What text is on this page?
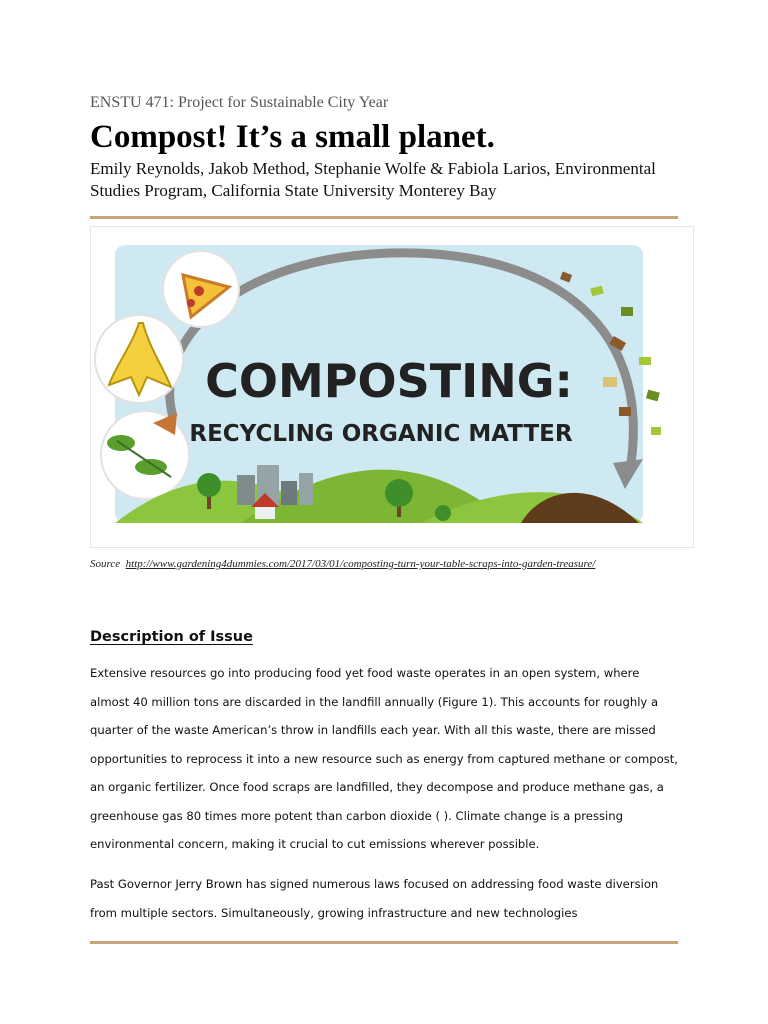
ENSTU 471: Project for Sustainable City Year
Compost! It’s a small planet.
Emily Reynolds, Jakob Method, Stephanie Wolfe & Fabiola Larios, Environmental Studies Program, California State University Monterey Bay
COMPOSTING:
RECYCLING ORGANIC MATTER
Source http://www.gardening4dummies.com/2017/03/01/composting-turn-your-table-scraps-into-garden-treasure/
Description of Issue

Extensive resources go into producing food yet food waste operates in an open system, where almost 40 million tons are discarded in the landfill annually (Figure 1). This accounts for roughly a quarter of the waste American’s throw in landfills each year. With all this waste, there are missed opportunities to reprocess it into a new resource such as energy from captured methane or compost, an organic fertilizer. Once food scraps are landfilled, they decompose and produce methane gas, a greenhouse gas 80 times more potent than carbon dioxide ( ). Climate change is a pressing environmental concern, making it crucial to cut emissions wherever possible.

Past Governor Jerry Brown has signed numerous laws focused on addressing food waste diversion from multiple sectors. Simultaneously, growing infrastructure and new technologies
